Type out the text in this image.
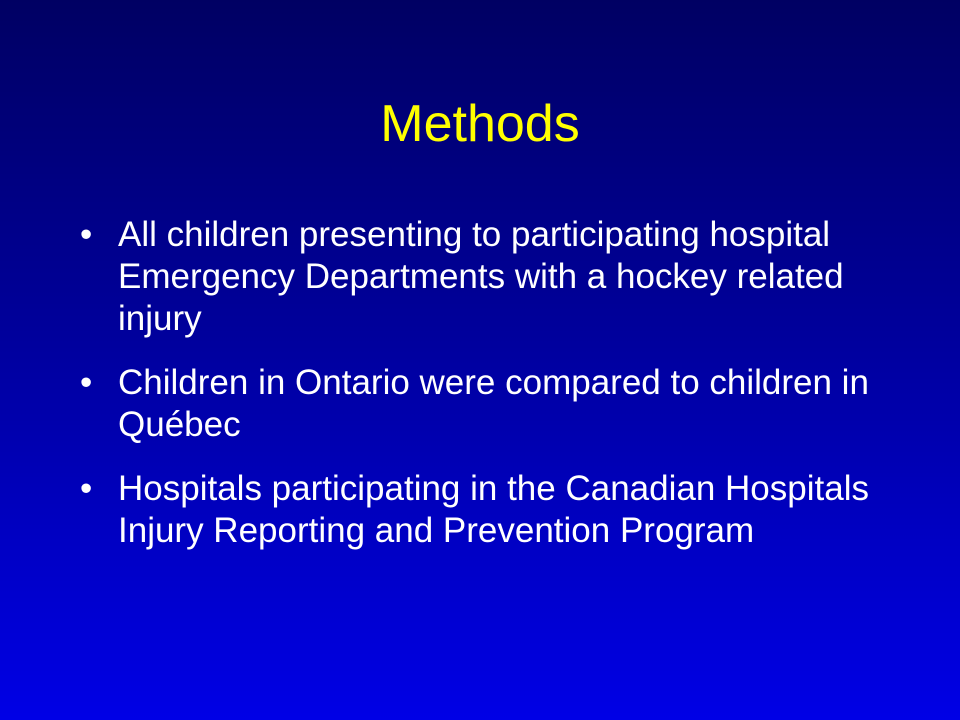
Methods
• All children presenting to participating hospital Emergency Departments with a hockey related injury
• Children in Ontario were compared to children in Québec
• Hospitals participating in the Canadian Hospitals Injury Reporting and Prevention Program
